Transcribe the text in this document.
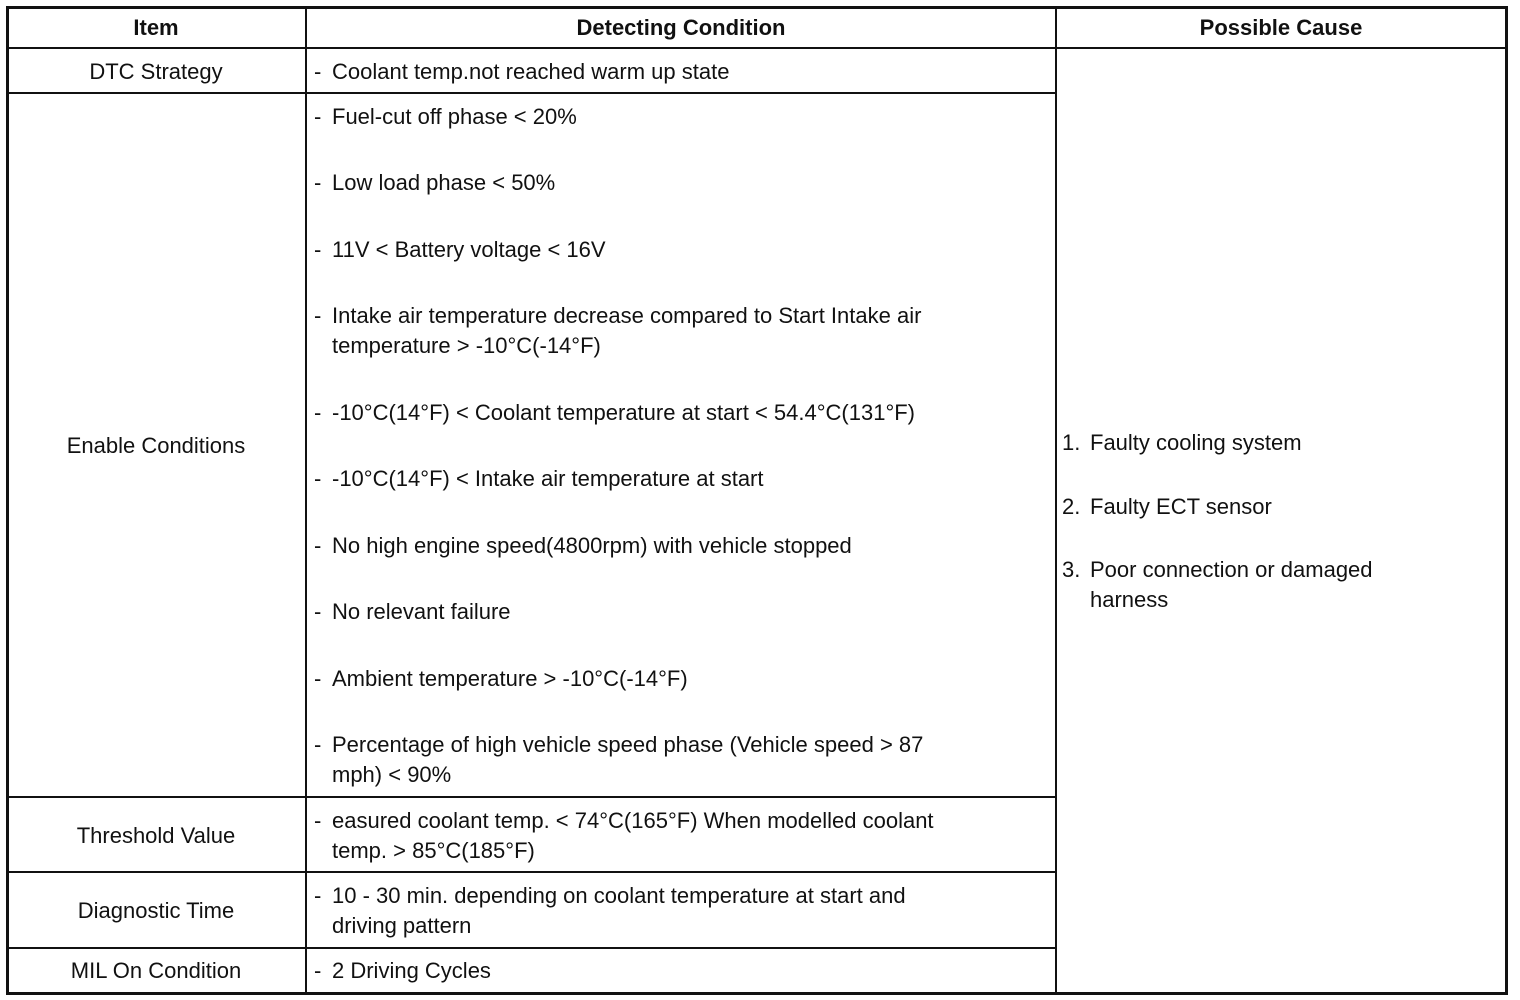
Item	Detecting Condition	Possible Cause
DTC Strategy
Enable Conditions
Threshold Value
Diagnostic Time
MIL On Condition
- Coolant temp.not reached warm up state
- Fuel-cut off phase < 20%
- Low load phase < 50%
- 11V < Battery voltage < 16V
- Intake air temperature decrease compared to Start Intake air
temperature > -10°C(-14°F)
- -10°C(14°F) < Coolant temperature at start < 54.4°C(131°F)
- -10°C(14°F) < Intake air temperature at start
- No high engine speed(4800rpm) with vehicle stopped
- No relevant failure
- Ambient temperature > -10°C(-14°F)
- Percentage of high vehicle speed phase (Vehicle speed > 87
mph) < 90%
- easured coolant temp. < 74°C(165°F) When modelled coolant
temp. > 85°C(185°F)
- 10 - 30 min. depending on coolant temperature at start and
driving pattern
- 2 Driving Cycles
1. Faulty cooling system
2. Faulty ECT sensor
3. Poor connection or damaged
harness
